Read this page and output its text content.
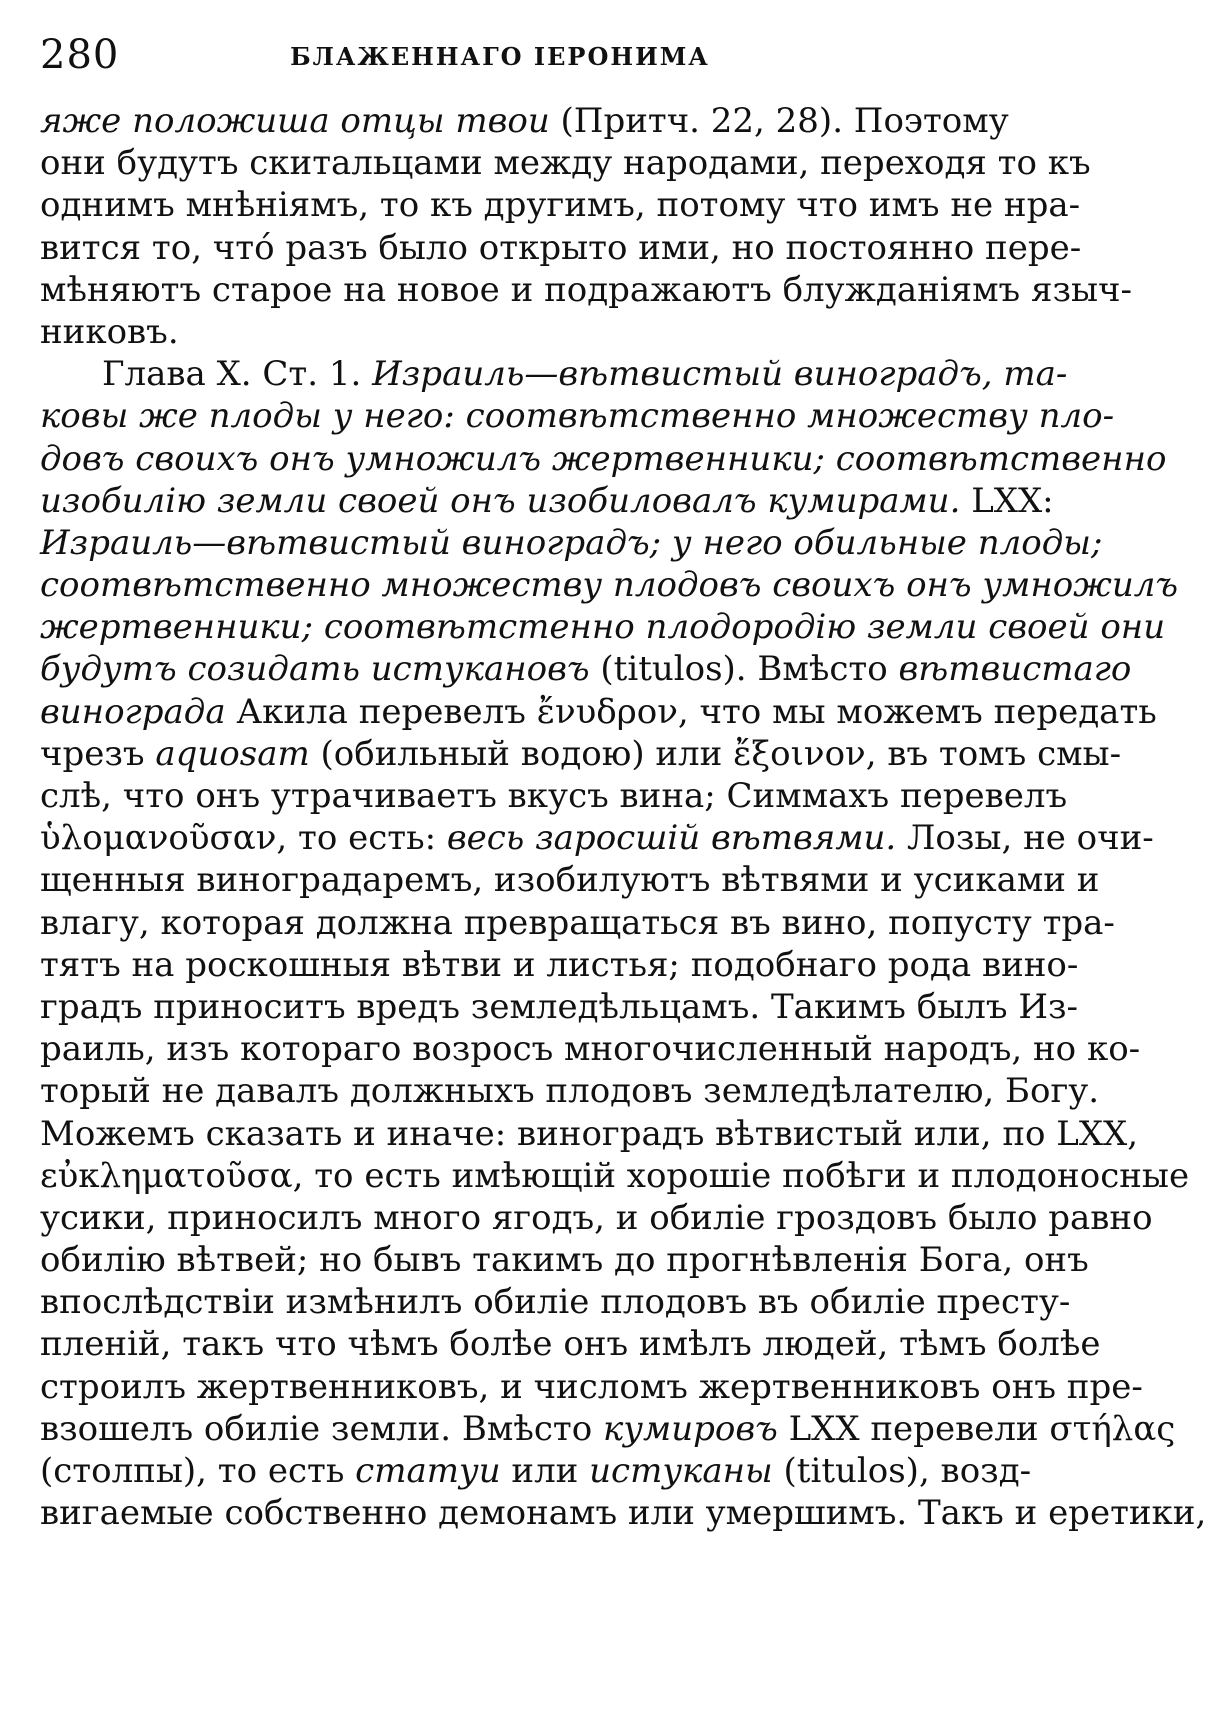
280	БЛАЖЕННАГО ІЕРОНИМА
яже положиша отцы твои (Притч. 22, 28). Поэтому
они будутъ скитальцами между народами, переходя то къ
однимъ мнѣніямъ, то къ другимъ, потому что имъ не нра-
вится то, чтó разъ было открыто ими, но постоянно пере-
мѣняютъ старое на новое и подражаютъ блужданіямъ языч-
никовъ.
Глава X. Ст. 1. Израиль—вѣтвистый виноградъ, та-
ковы же плоды у него: соотвѣтственно множеству пло-
довъ своихъ онъ умножилъ жертвенники; соотвѣтственно
изобилію земли своей онъ изобиловалъ кумирами. LXX:
Израиль—вѣтвистый виноградъ; у него обильные плоды;
соотвѣтственно множеству плодовъ своихъ онъ умножилъ
жертвенники; соотвѣтстенно плодородію земли своей они
будутъ созидать истукановъ (titulos). Вмѣсто вѣтвистаго
винограда Акила перевелъ ἔνυδρον, что мы можемъ передать
чрезъ aquosam (обильный водою) или ἔξοινον, въ томъ смы-
слѣ, что онъ утрачиваетъ вкусъ вина; Симмахъ перевелъ
ὑλομανοῦσαν, то есть: весь заросшій вѣтвями. Лозы, не очи-
щенныя виноградаремъ, изобилуютъ вѣтвями и усиками и
влагу, которая должна превращаться въ вино, попусту тра-
тятъ на роскошныя вѣтви и листья; подобнаго рода вино-
градъ приноситъ вредъ земледѣльцамъ. Такимъ былъ Из-
раиль, изъ котораго возросъ многочисленный народъ, но ко-
торый не давалъ должныхъ плодовъ земледѣлателю, Богу.
Можемъ сказать и иначе: виноградъ вѣтвистый или, по LXX,
εὐκληματοῦσα, то есть имѣющій хорошіе побѣги и плодоносные
усики, приносилъ много ягодъ, и обиліе гроздовъ было равно
обилію вѣтвей; но бывъ такимъ до прогнѣвленія Бога, онъ
впослѣдствіи измѣнилъ обиліе плодовъ въ обиліе престу-
пленій, такъ что чѣмъ болѣе онъ имѣлъ людей, тѣмъ болѣе
строилъ жертвенниковъ, и числомъ жертвенниковъ онъ пре-
взошелъ обиліе земли. Вмѣсто кумировъ LXX перевели στήλας
(столпы), то есть статуи или истуканы (titulos), возд-
вигаемые собственно демонамъ или умершимъ. Такъ и еретики,
